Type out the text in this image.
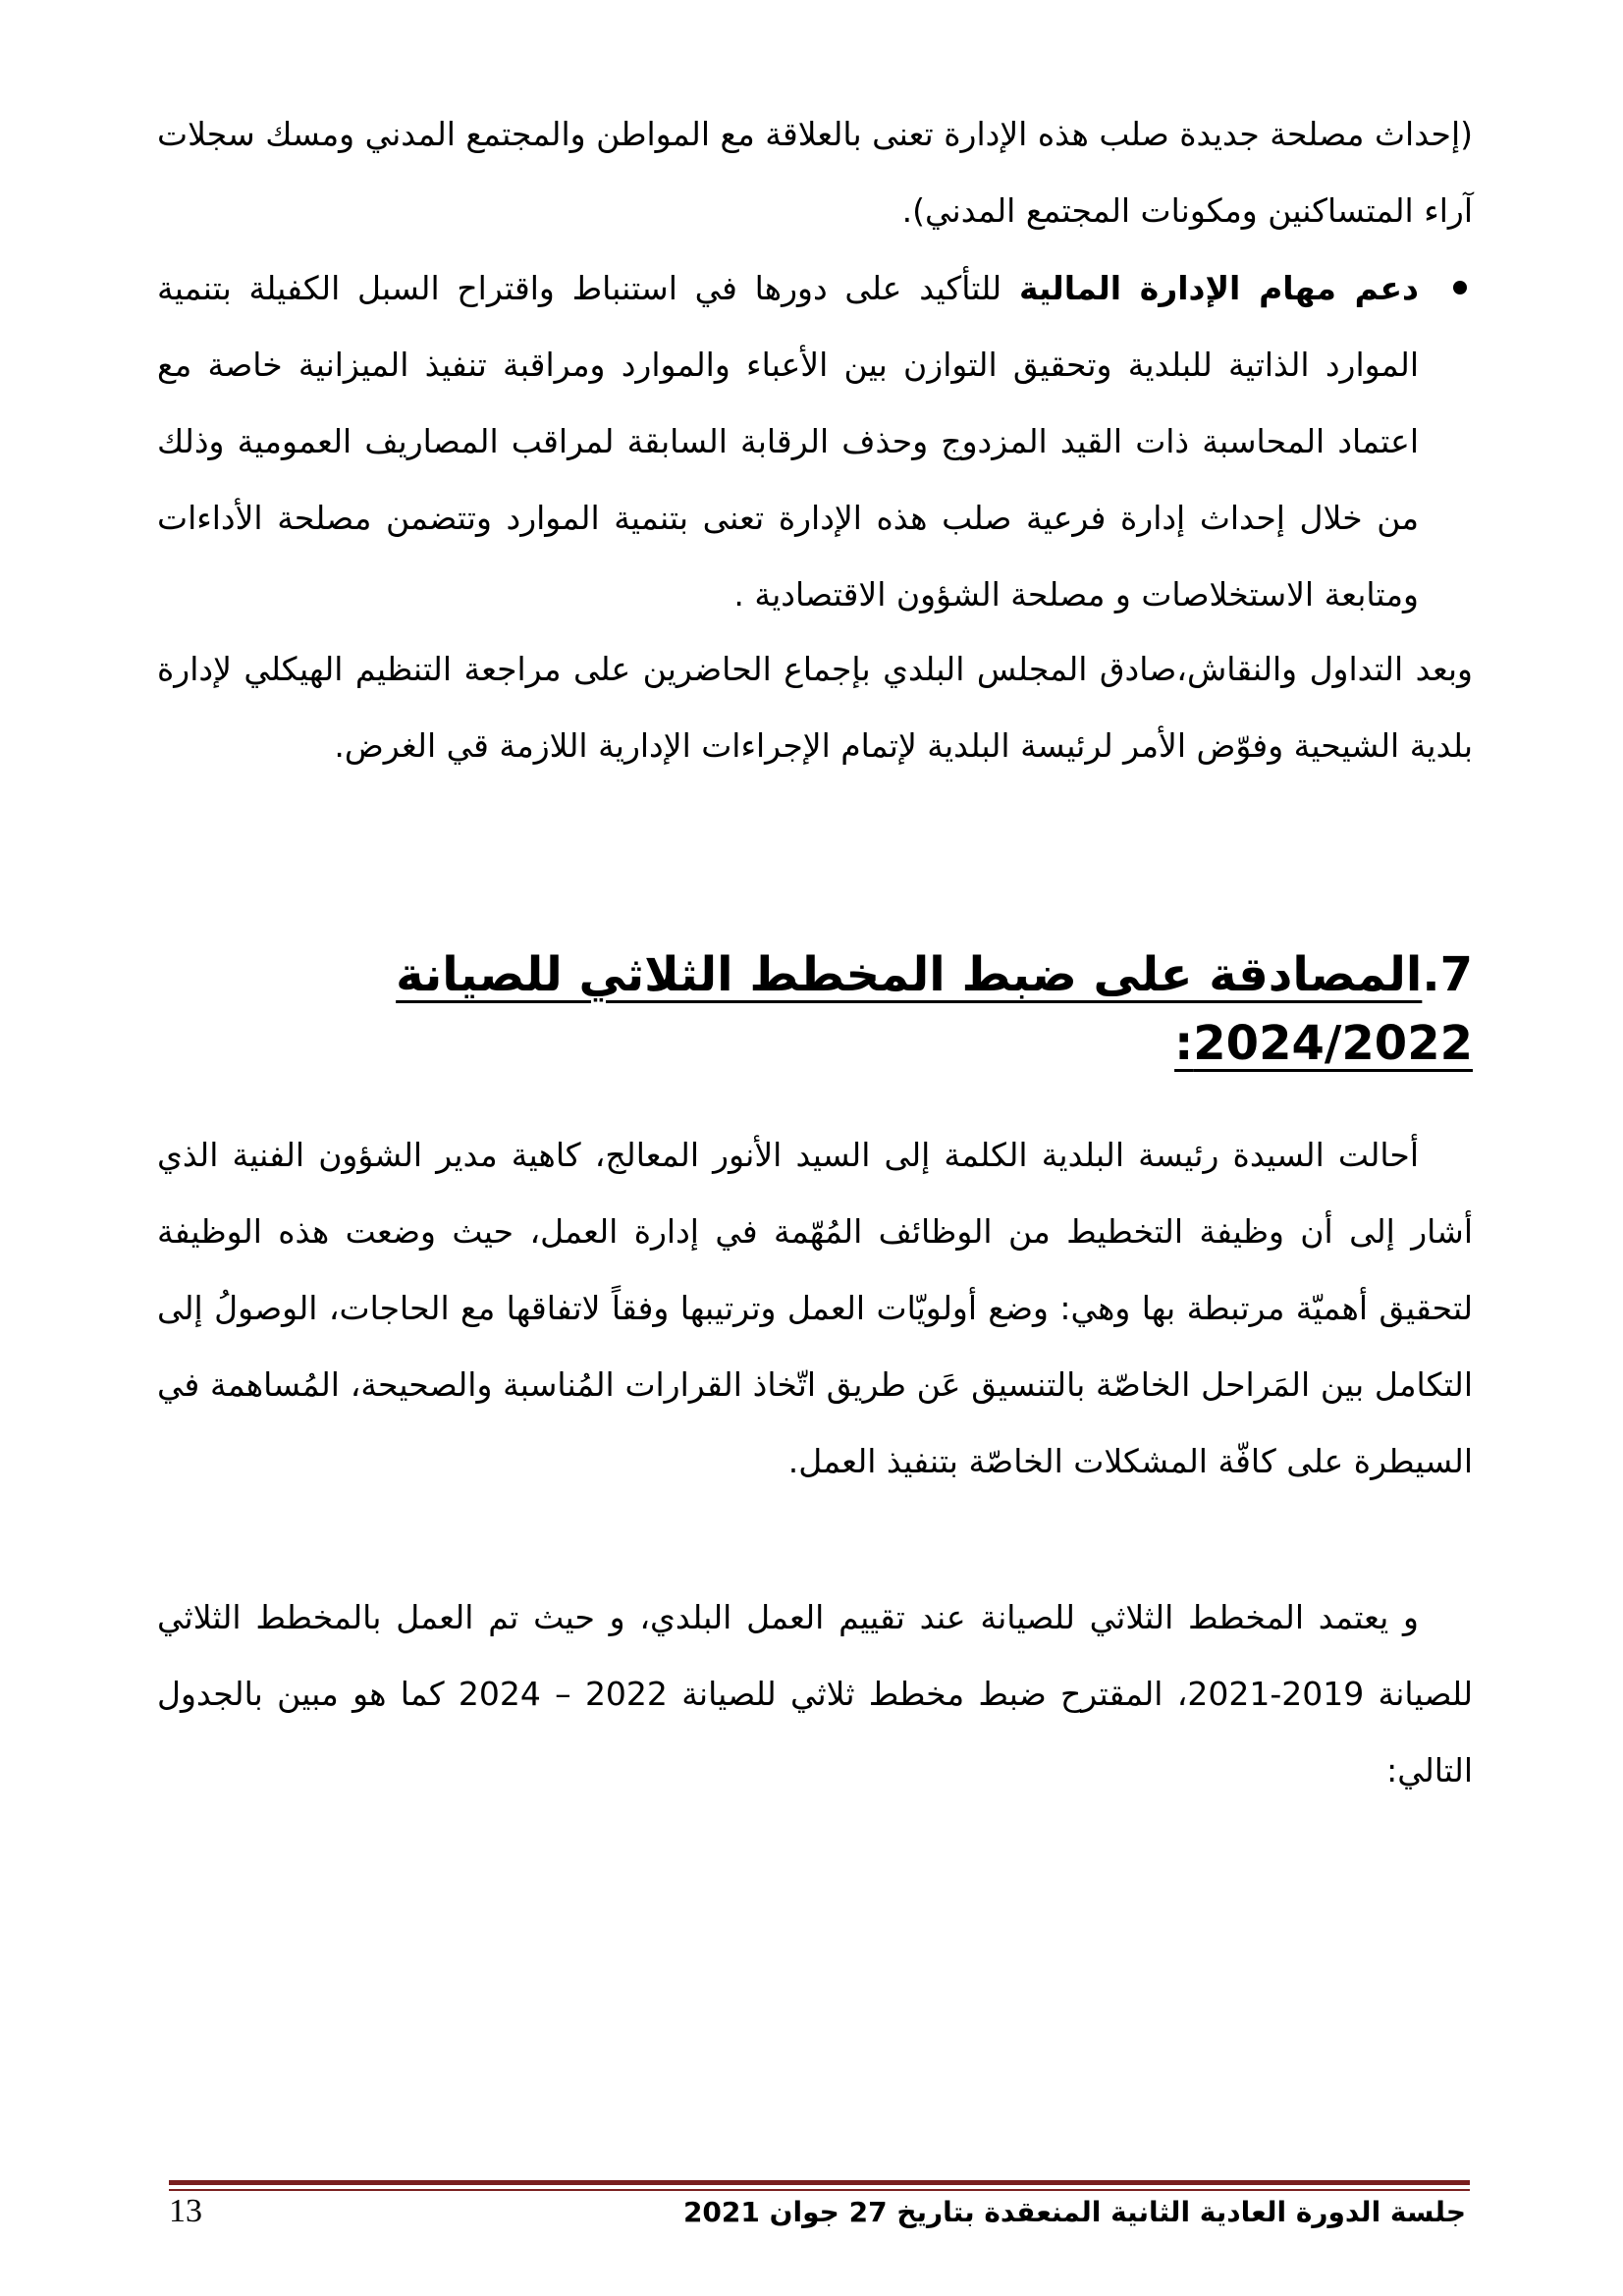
(إحداث مصلحة جديدة صلب هذه الإدارة تعنى بالعلاقة مع المواطن والمجتمع المدني ومسك سجلات آراء المتساكنين ومكونات المجتمع المدني).

دعم مهام الإدارة المالية للتأكيد على دورها في استنباط واقتراح السبل الكفيلة بتنمية الموارد الذاتية للبلدية وتحقيق التوازن بين الأعباء والموارد ومراقبة تنفيذ الميزانية خاصة مع اعتماد المحاسبة ذات القيد المزدوج وحذف الرقابة السابقة لمراقب المصاريف العمومية وذلك من خلال إحداث إدارة فرعية صلب هذه الإدارة تعنى بتنمية الموارد وتتضمن مصلحة الأداءات ومتابعة الاستخلاصات و مصلحة الشؤون الاقتصادية .

وبعد التداول والنقاش،صادق المجلس البلدي بإجماع الحاضرين على مراجعة التنظيم الهيكلي لإدارة بلدية الشيحية وفوّض الأمر لرئيسة البلدية لإتمام الإجراءات الإدارية اللازمة قي الغرض.

7.المصادقة على ضبط المخطط الثلاثي للصيانة 2024/2022:

أحالت السيدة رئيسة البلدية الكلمة إلى السيد الأنور المعالج، كاهية مدير الشؤون الفنية الذي أشار إلى أن وظيفة التخطيط من الوظائف المُهّمة في إدارة العمل، حيث وضعت هذه الوظيفة لتحقيق أهميّة مرتبطة بها وهي: وضع أولويّات العمل وترتيبها وفقاً لاتفاقها مع الحاجات، الوصولُ إلى التكامل بين المَراحل الخاصّة بالتنسيق عَن طريق اتّخاذ القرارات المُناسبة والصحيحة، المُساهمة في السيطرة على كافّة المشكلات الخاصّة بتنفيذ العمل.

و يعتمد المخطط الثلاثي للصيانة عند تقييم العمل البلدي، و حيث تم العمل بالمخطط الثلاثي للصيانة 2019-2021، المقترح ضبط مخطط ثلاثي للصيانة 2022 – 2024 كما هو مبين بالجدول التالي:

جلسة الدورة العادية الثانية المنعقدة بتاريخ 27 جوان 2021
13
